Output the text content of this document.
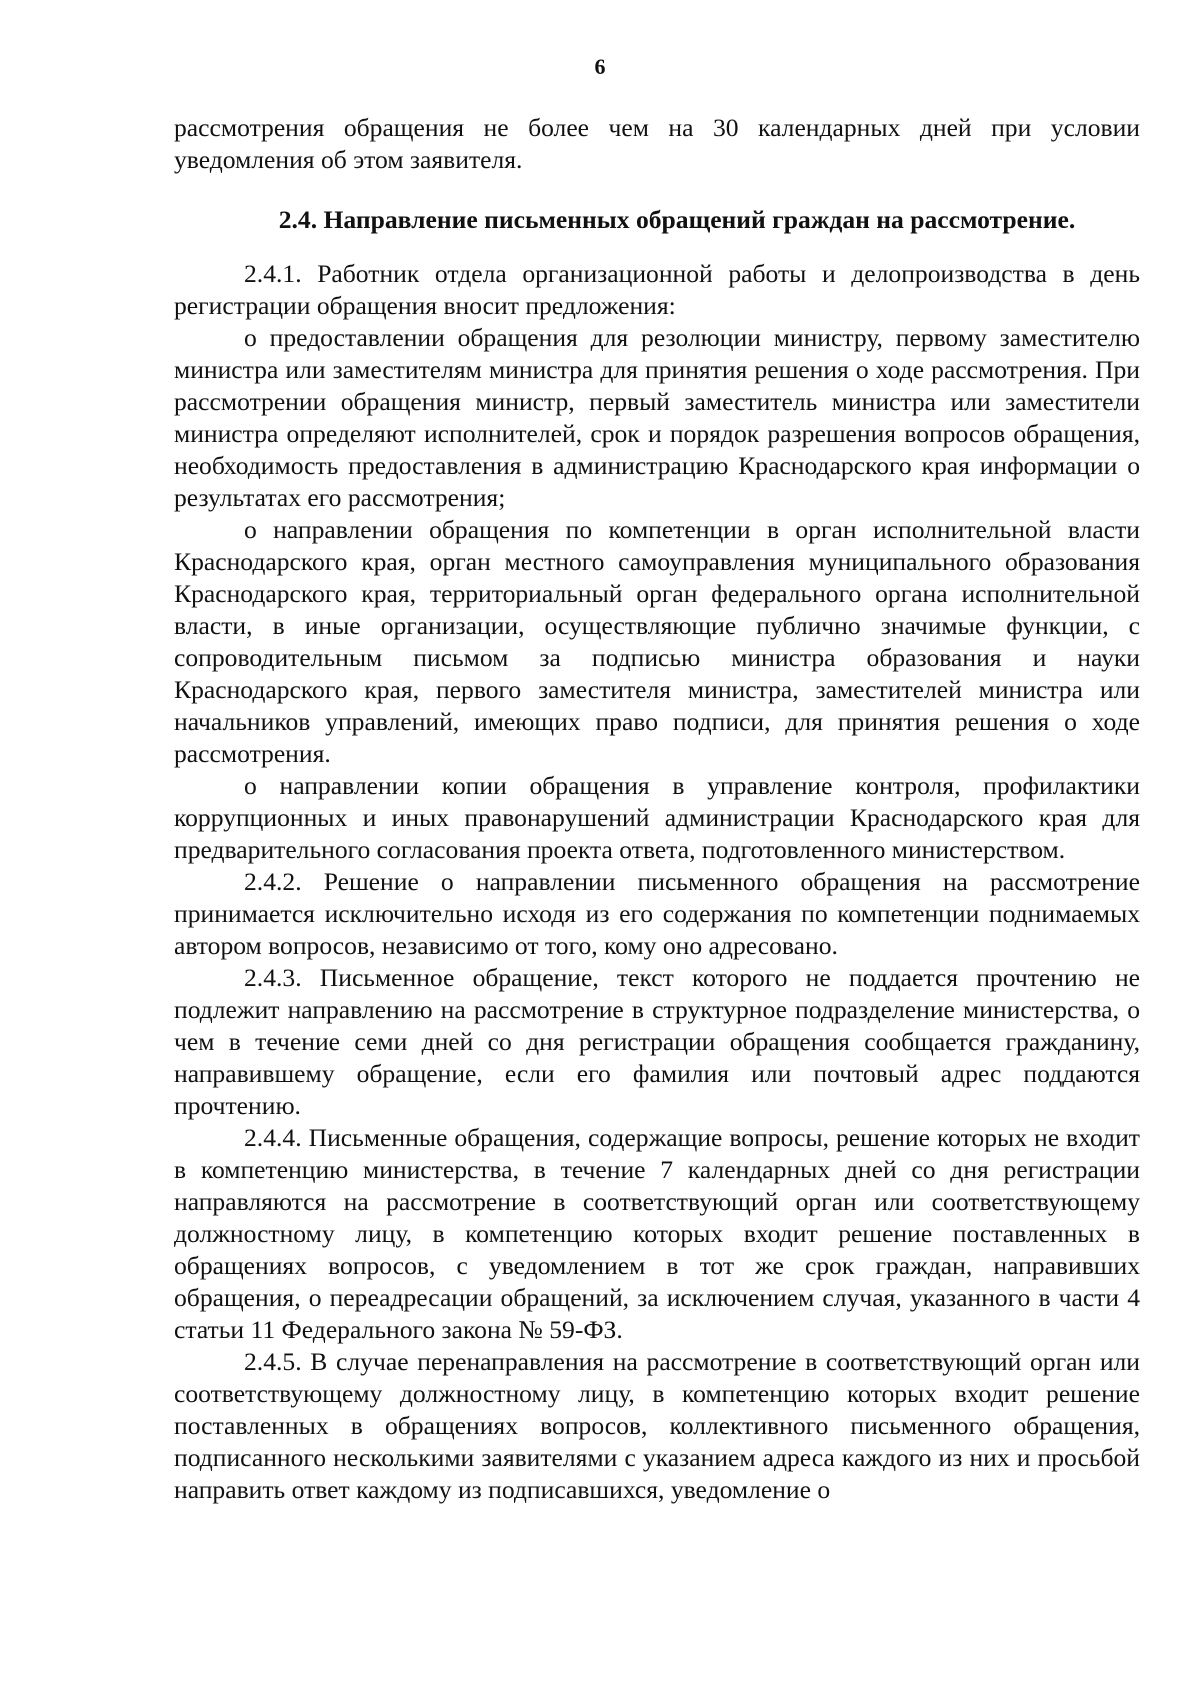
6

рассмотрения обращения не более чем на 30 календарных дней при условии уведомления об этом заявителя.

2.4. Направление письменных обращений граждан на рассмотрение.

2.4.1. Работник отдела организационной работы и делопроизводства в день регистрации обращения вносит предложения:

о предоставлении обращения для резолюции министру, первому заместителю министра или заместителям министра для принятия решения о ходе рассмотрения. При рассмотрении обращения министр, первый заместитель министра или заместители министра определяют исполнителей, срок и порядок разрешения вопросов обращения, необходимость предоставления в администрацию Краснодарского края информации о результатах его рассмотрения;

о направлении обращения по компетенции в орган исполнительной власти Краснодарского края, орган местного самоуправления муниципального образования Краснодарского края, территориальный орган федерального органа исполнительной власти, в иные организации, осуществляющие публично значимые функции, с сопроводительным письмом за подписью министра образования и науки Краснодарского края, первого заместителя министра, заместителей министра или начальников управлений, имеющих право подписи, для принятия решения о ходе рассмотрения.

о направлении копии обращения в управление контроля, профилактики коррупционных и иных правонарушений администрации Краснодарского края для предварительного согласования проекта ответа, подготовленного министерством.

2.4.2. Решение о направлении письменного обращения на рассмотрение принимается исключительно исходя из его содержания по компетенции поднимаемых автором вопросов, независимо от того, кому оно адресовано.

2.4.3. Письменное обращение, текст которого не поддается прочтению не подлежит направлению на рассмотрение в структурное подразделение министерства, о чем в течение семи дней со дня регистрации обращения сообщается гражданину, направившему обращение, если его фамилия или почтовый адрес поддаются прочтению.

2.4.4. Письменные обращения, содержащие вопросы, решение которых не входит в компетенцию министерства, в течение 7 календарных дней со дня регистрации направляются на рассмотрение в соответствующий орган или соответствующему должностному лицу, в компетенцию которых входит решение поставленных в обращениях вопросов, с уведомлением в тот же срок граждан, направивших обращения, о переадресации обращений, за исключением случая, указанного в части 4 статьи 11 Федерального закона № 59-ФЗ.

2.4.5. В случае перенаправления на рассмотрение в соответствующий орган или соответствующему должностному лицу, в компетенцию которых входит решение поставленных в обращениях вопросов, коллективного письменного обращения, подписанного несколькими заявителями с указанием адреса каждого из них и просьбой направить ответ каждому из подписавшихся, уведомление о
